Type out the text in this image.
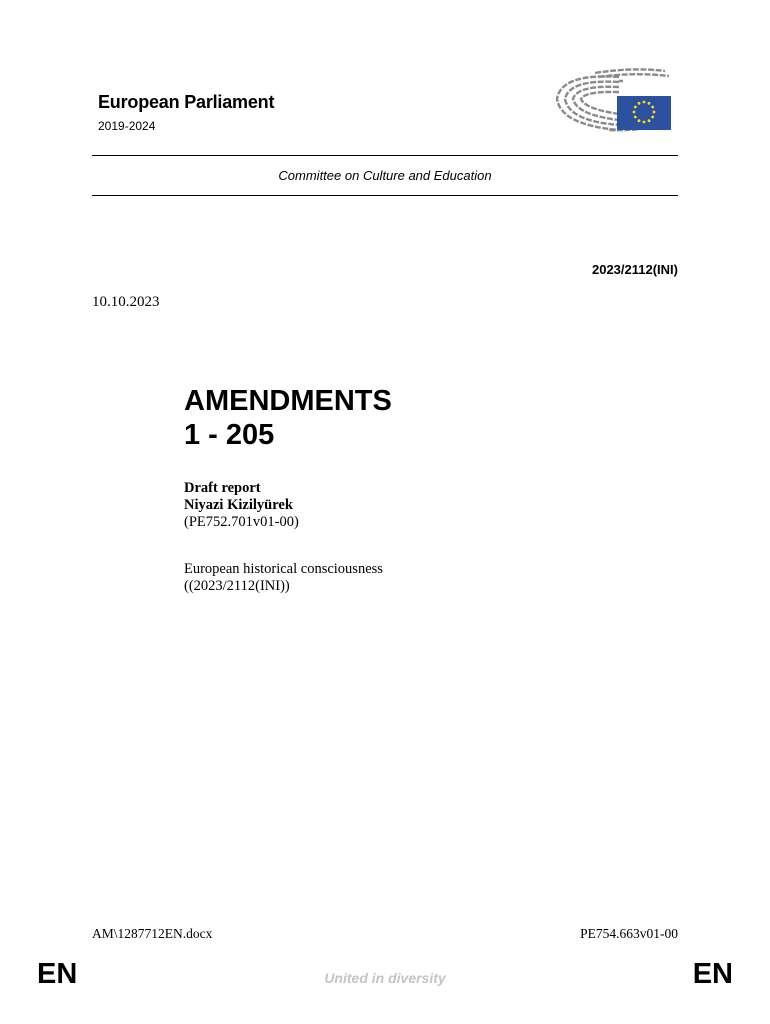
European Parliament
2019-2024
Committee on Culture and Education
2023/2112(INI)
10.10.2023
AMENDMENTS
1 - 205
Draft report
Niyazi Kizilyürek
(PE752.701v01-00)
European historical consciousness
((2023/2112(INI))
AM\1287712EN.docx	PE754.663v01-00
EN	United in diversity	EN
